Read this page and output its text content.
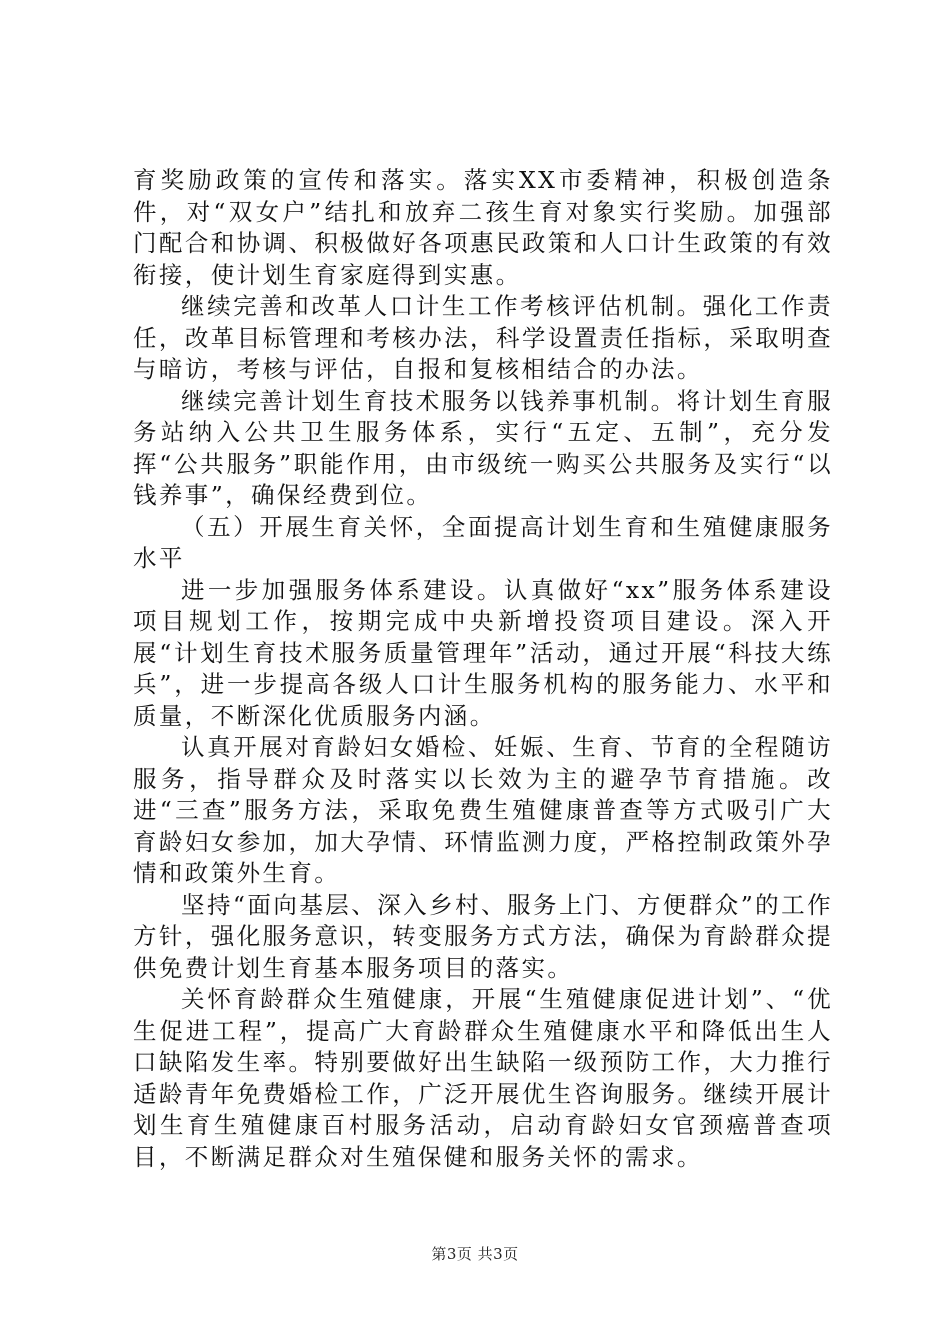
育奖励政策的宣传和落实。落实XX市委精神，积极创造条件，对“双女户”结扎和放弃二孩生育对象实行奖励。加强部门配合和协调、积极做好各项惠民政策和人口计生政策的有效衔接，使计划生育家庭得到实惠。

继续完善和改革人口计生工作考核评估机制。强化工作责任，改革目标管理和考核办法，科学设置责任指标，采取明查与暗访，考核与评估，自报和复核相结合的办法。

继续完善计划生育技术服务以钱养事机制。将计划生育服务站纳入公共卫生服务体系，实行“五定、五制”，充分发挥“公共服务”职能作用，由市级统一购买公共服务及实行“以钱养事”，确保经费到位。

（五）开展生育关怀，全面提高计划生育和生殖健康服务水平

进一步加强服务体系建设。认真做好“xx”服务体系建设项目规划工作，按期完成中央新增投资项目建设。深入开展“计划生育技术服务质量管理年”活动，通过开展“科技大练兵”，进一步提高各级人口计生服务机构的服务能力、水平和质量，不断深化优质服务内涵。

认真开展对育龄妇女婚检、妊娠、生育、节育的全程随访服务，指导群众及时落实以长效为主的避孕节育措施。改进“三查”服务方法，采取免费生殖健康普查等方式吸引广大育龄妇女参加，加大孕情、环情监测力度，严格控制政策外孕情和政策外生育。

坚持“面向基层、深入乡村、服务上门、方便群众”的工作方针，强化服务意识，转变服务方式方法，确保为育龄群众提供免费计划生育基本服务项目的落实。

关怀育龄群众生殖健康，开展“生殖健康促进计划”、“优生促进工程”，提高广大育龄群众生殖健康水平和降低出生人口缺陷发生率。特别要做好出生缺陷一级预防工作，大力推行适龄青年免费婚检工作，广泛开展优生咨询服务。继续开展计划生育生殖健康百村服务活动，启动育龄妇女官颈癌普查项目，不断满足群众对生殖保健和服务关怀的需求。

第3页 共3页
